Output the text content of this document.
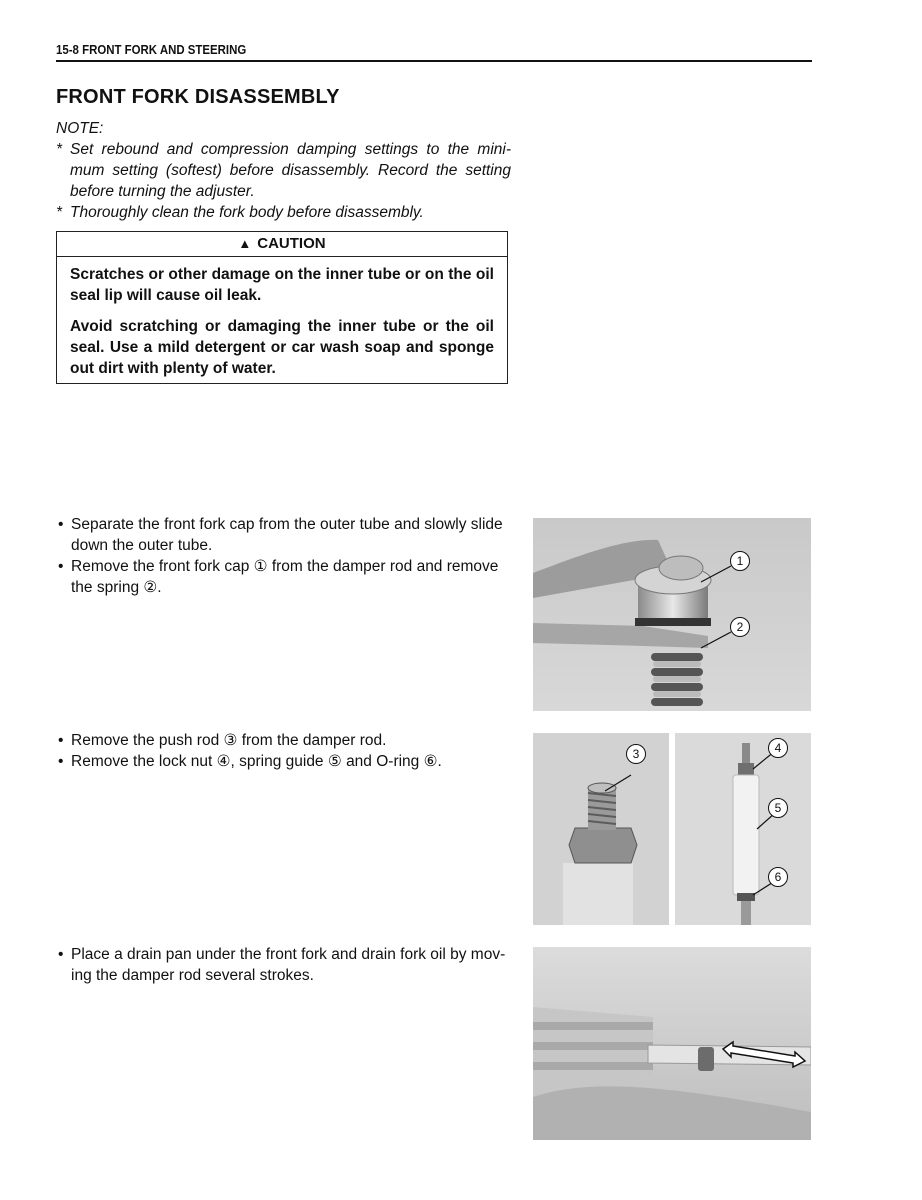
15-8 FRONT FORK AND STEERING
FRONT FORK DISASSEMBLY
NOTE:
* Set rebound and compression damping settings to the mini-mum setting (softest) before disassembly. Record the setting before turning the adjuster.
* Thoroughly clean the fork body before disassembly.
▲ CAUTION

Scratches or other damage on the inner tube or on the oil seal lip will cause oil leak.

Avoid scratching or damaging the inner tube or the oil seal. Use a mild detergent or car wash soap and sponge out dirt with plenty of water.

• Separate the front fork cap from the outer tube and slowly slide down the outer tube.
• Remove the front fork cap ① from the damper rod and remove the spring ②.
1
2
• Remove the push rod ③ from the damper rod.
• Remove the lock nut ④, spring guide ⑤ and O-ring ⑥.	3	4
5
6
• Place a drain pan under the front fork and drain fork oil by mov-ing the damper rod several strokes.
